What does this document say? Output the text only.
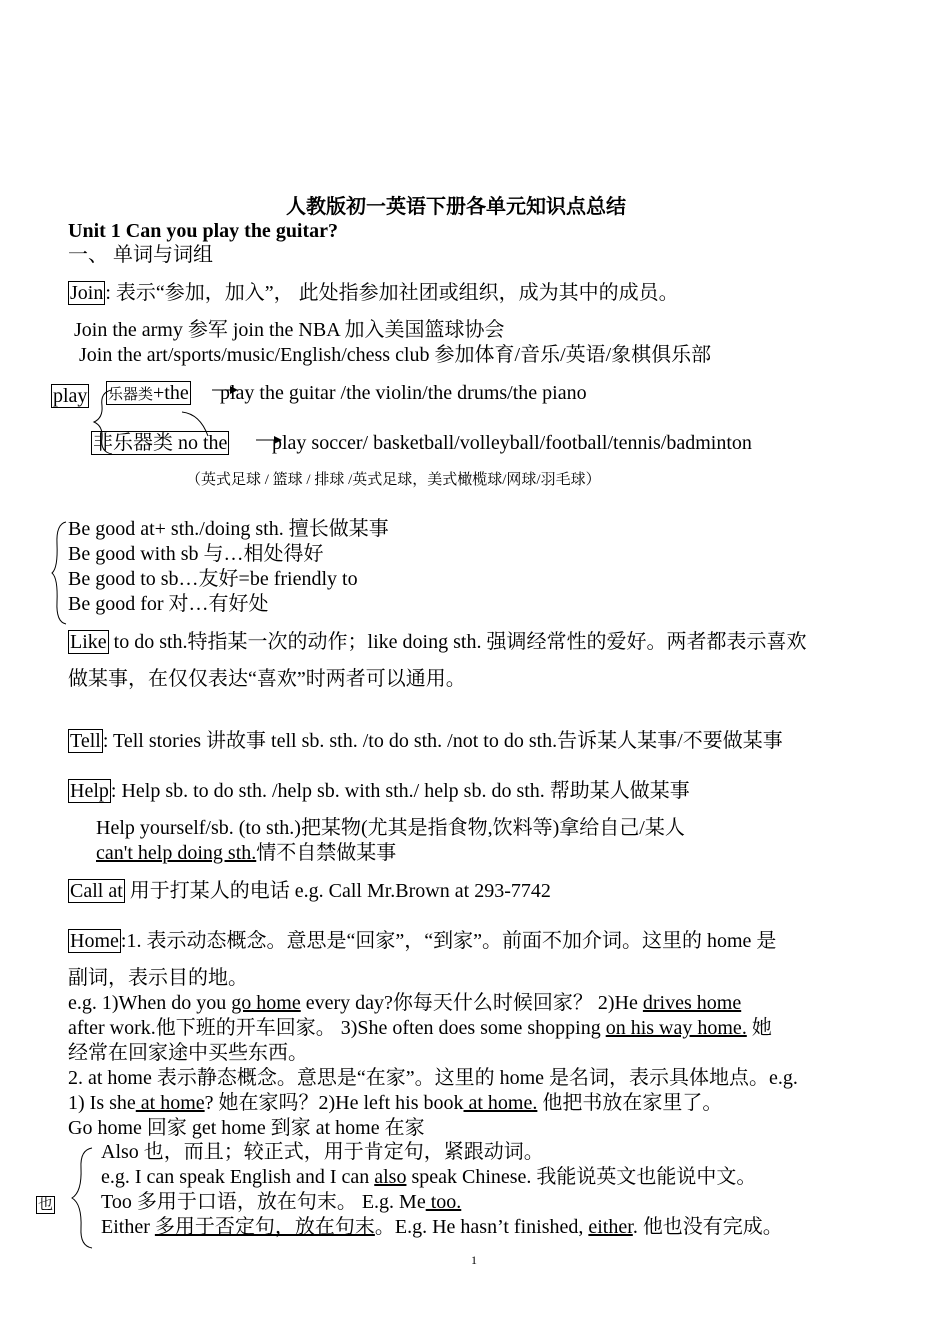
人教版初一英语下册各单元知识点总结
Unit 1 Can you play the guitar?
一、 单词与词组
Join : 表示“参加，加入”， 此处指参加社团或组织，成为其中的成员。
Join the army 参军 join the NBA 加入美国篮球协会
Join the art/sports/music/English/chess club 参加体育/音乐/英语/象棋俱乐部
play 乐器类+the play the guitar /the violin/the drums/the piano
非乐器类 no the play soccer/ basketball/volleyball/football/tennis/badminton
（英式足球 / 篮球 / 排球 /英式足球，美式橄榄球/网球/羽毛球）
Be good at+ sth./doing sth. 擅长做某事
Be good with sb 与…相处得好
Be good to sb…友好=be friendly to
Be good for 对…有好处
Like to do sth.特指某一次的动作；like doing sth. 强调经常性的爱好。两者都表示喜欢
做某事，在仅仅表达“喜欢”时两者可以通用。
Tell : Tell stories 讲故事 tell sb. sth. /to do sth. /not to do sth.告诉某人某事/不要做某事
Help : Help sb. to do sth. /help sb. with sth./ help sb. do sth. 帮助某人做某事
Help yourself/sb. (to sth.)把某物(尤其是指食物,饮料等)拿给自己/某人
can't help doing sth.情不自禁做某事
Call at 用于打某人的电话 e.g. Call Mr.Brown at 293-7742
Home :1. 表示动态概念。意思是“回家”，“到家”。前面不加介词。这里的 home 是
副词，表示目的地。
e.g. 1)When do you go home every day?你每天什么时候回家？ 2)He drives home
after work.他下班的开车回家。 3)She often does some shopping on his way home. 她
经常在回家途中买些东西。
2. at home 表示静态概念。意思是“在家”。这里的 home 是名词，表示具体地点。e.g.
1) Is she at home? 她在家吗？2)He left his book at home. 他把书放在家里了。
Go home 回家 get home 到家 at home 在家
也
Also 也，而且；较正式，用于肯定句，紧跟动词。
e.g. I can speak English and I can also speak Chinese. 我能说英文也能说中文。
Too 多用于口语，放在句末。 E.g. Me too.
Either 多用于否定句，放在句末。E.g. He hasn’t finished, either. 他也没有完成。
1
